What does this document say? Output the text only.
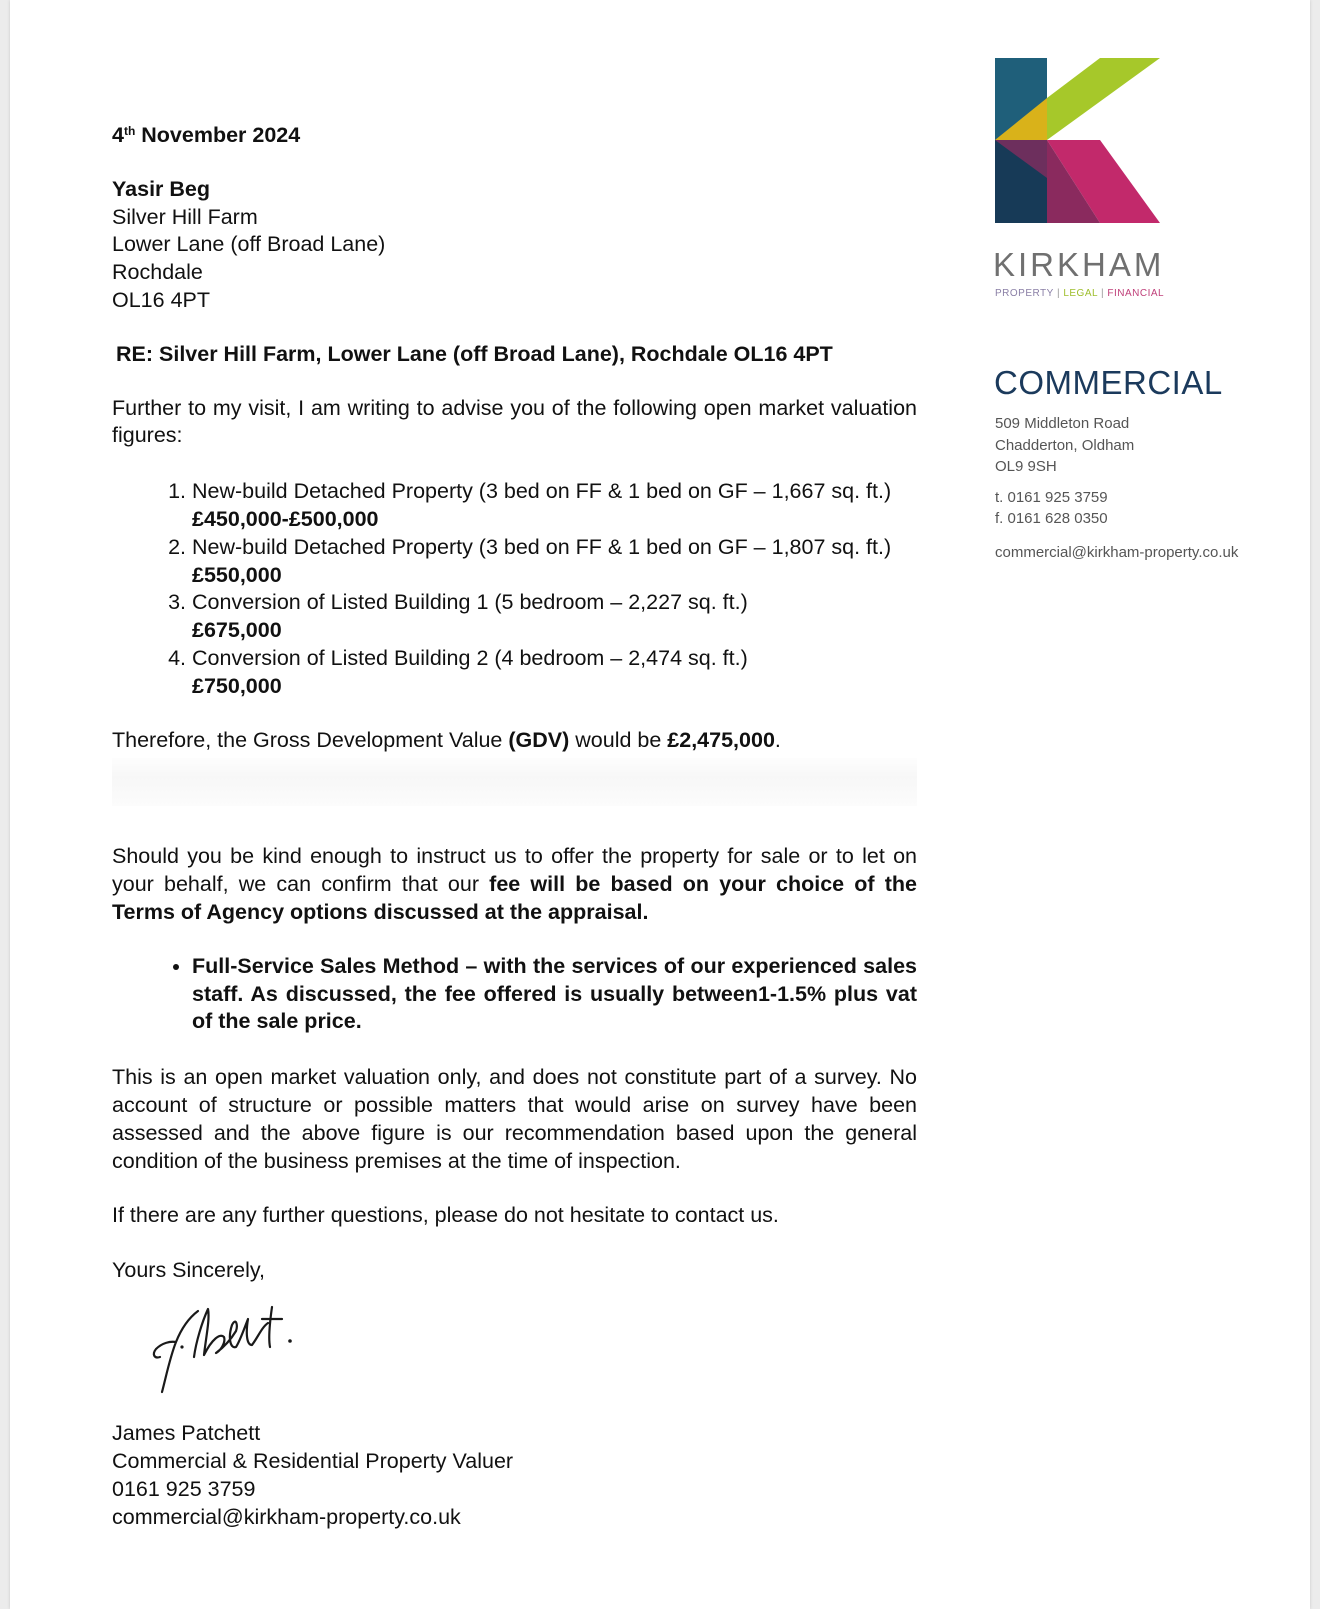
KIRKHAM
PROPERTY | LEGAL | FINANCIAL
COMMERCIAL
509 Middleton Road
Chadderton, Oldham
OL9 9SH
t. 0161 925 3759
f. 0161 628 0350
commercial@kirkham-property.co.uk
4th November 2024
Yasir Beg
Silver Hill Farm
Lower Lane (off Broad Lane)
Rochdale
OL16 4PT
RE: Silver Hill Farm, Lower Lane (off Broad Lane), Rochdale OL16 4PT

Further to my visit, I am writing to advise you of the following open market valuation figures:

1. New-build Detached Property (3 bed on FF & 1 bed on GF – 1,667 sq. ft.)
£450,000-£500,000
2. New-build Detached Property (3 bed on FF & 1 bed on GF – 1,807 sq. ft.)
£550,000
3. Conversion of Listed Building 1 (5 bedroom – 2,227 sq. ft.)
£675,000
4. Conversion of Listed Building 2 (4 bedroom – 2,474 sq. ft.)
£750,000

Therefore, the Gross Development Value (GDV) would be £2,475,000.

Should you be kind enough to instruct us to offer the property for sale or to let on your behalf, we can confirm that our fee will be based on your choice of the Terms of Agency options discussed at the appraisal.

• Full-Service Sales Method – with the services of our experienced sales staff. As discussed, the fee offered is usually between1-1.5% plus vat of the sale price.

This is an open market valuation only, and does not constitute part of a survey. No account of structure or possible matters that would arise on survey have been assessed and the above figure is our recommendation based upon the general condition of the business premises at the time of inspection.

If there are any further questions, please do not hesitate to contact us.

Yours Sincerely,

James Patchett
Commercial & Residential Property Valuer
0161 925 3759
commercial@kirkham-property.co.uk
